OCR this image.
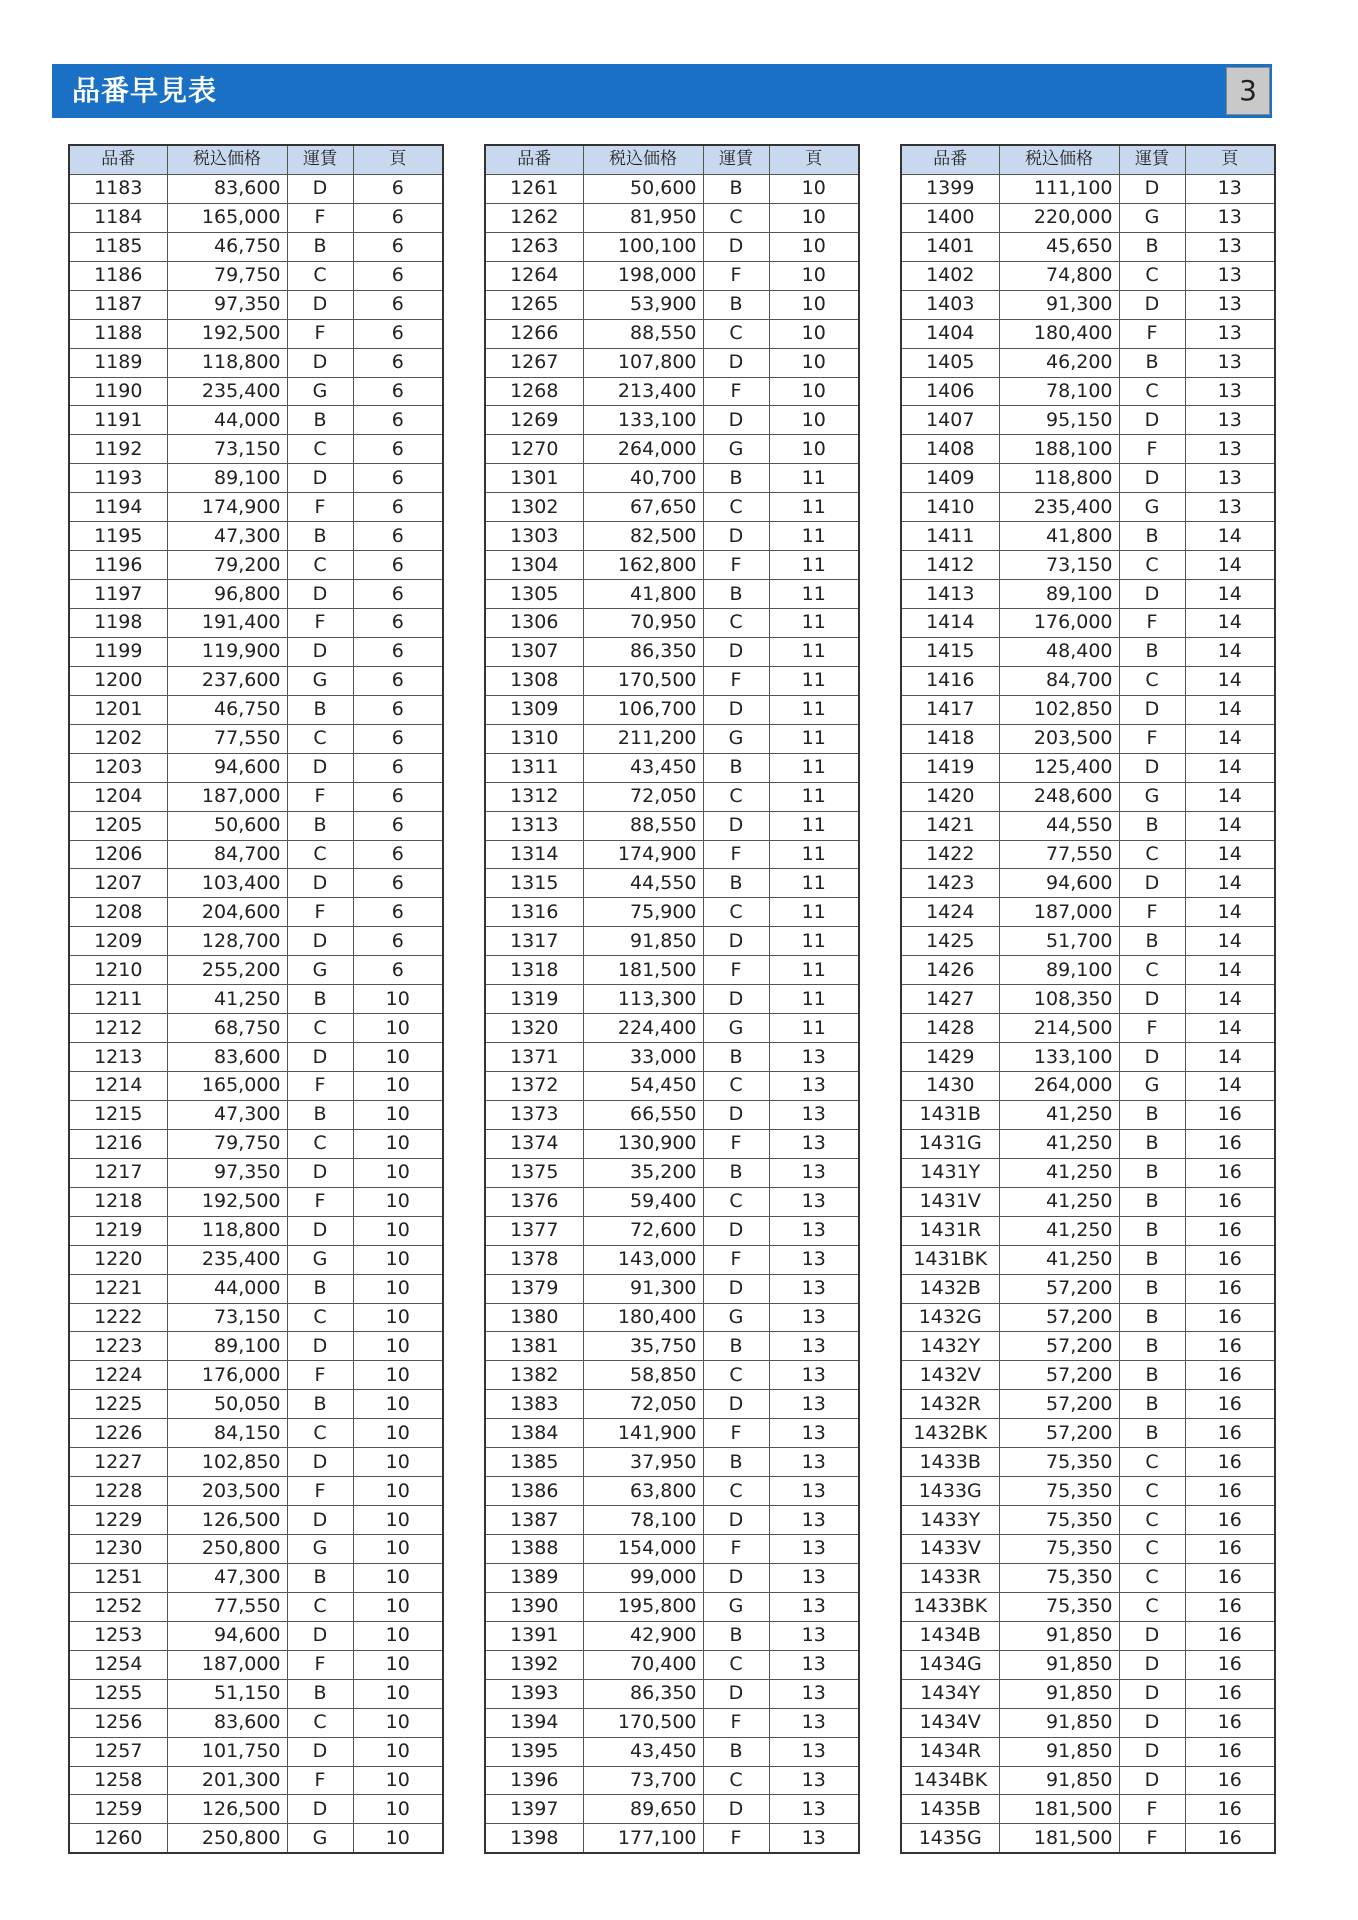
品番早見表	3
品番	税込価格	運賃	頁
1183	83,600	D	6
1184	165,000	F	6
1185	46,750	B	6
1186	79,750	C	6
1187	97,350	D	6
1188	192,500	F	6
1189	118,800	D	6
1190	235,400	G	6
1191	44,000	B	6
1192	73,150	C	6
1193	89,100	D	6
1194	174,900	F	6
1195	47,300	B	6
1196	79,200	C	6
1197	96,800	D	6
1198	191,400	F	6
1199	119,900	D	6
1200	237,600	G	6
1201	46,750	B	6
1202	77,550	C	6
1203	94,600	D	6
1204	187,000	F	6
1205	50,600	B	6
1206	84,700	C	6
1207	103,400	D	6
1208	204,600	F	6
1209	128,700	D	6
1210	255,200	G	6
1211	41,250	B	10
1212	68,750	C	10
1213	83,600	D	10
1214	165,000	F	10
1215	47,300	B	10
1216	79,750	C	10
1217	97,350	D	10
1218	192,500	F	10
1219	118,800	D	10
1220	235,400	G	10
1221	44,000	B	10
1222	73,150	C	10
1223	89,100	D	10
1224	176,000	F	10
1225	50,050	B	10
1226	84,150	C	10
1227	102,850	D	10
1228	203,500	F	10
1229	126,500	D	10
1230	250,800	G	10
1251	47,300	B	10
1252	77,550	C	10
1253	94,600	D	10
1254	187,000	F	10
1255	51,150	B	10
1256	83,600	C	10
1257	101,750	D	10
1258	201,300	F	10
1259	126,500	D	10
1260	250,800	G	10
品番	税込価格	運賃	頁
1261	50,600	B	10
1262	81,950	C	10
1263	100,100	D	10
1264	198,000	F	10
1265	53,900	B	10
1266	88,550	C	10
1267	107,800	D	10
1268	213,400	F	10
1269	133,100	D	10
1270	264,000	G	10
1301	40,700	B	11
1302	67,650	C	11
1303	82,500	D	11
1304	162,800	F	11
1305	41,800	B	11
1306	70,950	C	11
1307	86,350	D	11
1308	170,500	F	11
1309	106,700	D	11
1310	211,200	G	11
1311	43,450	B	11
1312	72,050	C	11
1313	88,550	D	11
1314	174,900	F	11
1315	44,550	B	11
1316	75,900	C	11
1317	91,850	D	11
1318	181,500	F	11
1319	113,300	D	11
1320	224,400	G	11
1371	33,000	B	13
1372	54,450	C	13
1373	66,550	D	13
1374	130,900	F	13
1375	35,200	B	13
1376	59,400	C	13
1377	72,600	D	13
1378	143,000	F	13
1379	91,300	D	13
1380	180,400	G	13
1381	35,750	B	13
1382	58,850	C	13
1383	72,050	D	13
1384	141,900	F	13
1385	37,950	B	13
1386	63,800	C	13
1387	78,100	D	13
1388	154,000	F	13
1389	99,000	D	13
1390	195,800	G	13
1391	42,900	B	13
1392	70,400	C	13
1393	86,350	D	13
1394	170,500	F	13
1395	43,450	B	13
1396	73,700	C	13
1397	89,650	D	13
1398	177,100	F	13
品番	税込価格	運賃	頁
1399	111,100	D	13
1400	220,000	G	13
1401	45,650	B	13
1402	74,800	C	13
1403	91,300	D	13
1404	180,400	F	13
1405	46,200	B	13
1406	78,100	C	13
1407	95,150	D	13
1408	188,100	F	13
1409	118,800	D	13
1410	235,400	G	13
1411	41,800	B	14
1412	73,150	C	14
1413	89,100	D	14
1414	176,000	F	14
1415	48,400	B	14
1416	84,700	C	14
1417	102,850	D	14
1418	203,500	F	14
1419	125,400	D	14
1420	248,600	G	14
1421	44,550	B	14
1422	77,550	C	14
1423	94,600	D	14
1424	187,000	F	14
1425	51,700	B	14
1426	89,100	C	14
1427	108,350	D	14
1428	214,500	F	14
1429	133,100	D	14
1430	264,000	G	14
1431B	41,250	B	16
1431G	41,250	B	16
1431Y	41,250	B	16
1431V	41,250	B	16
1431R	41,250	B	16
1431BK	41,250	B	16
1432B	57,200	B	16
1432G	57,200	B	16
1432Y	57,200	B	16
1432V	57,200	B	16
1432R	57,200	B	16
1432BK	57,200	B	16
1433B	75,350	C	16
1433G	75,350	C	16
1433Y	75,350	C	16
1433V	75,350	C	16
1433R	75,350	C	16
1433BK	75,350	C	16
1434B	91,850	D	16
1434G	91,850	D	16
1434Y	91,850	D	16
1434V	91,850	D	16
1434R	91,850	D	16
1434BK	91,850	D	16
1435B	181,500	F	16
1435G	181,500	F	16
